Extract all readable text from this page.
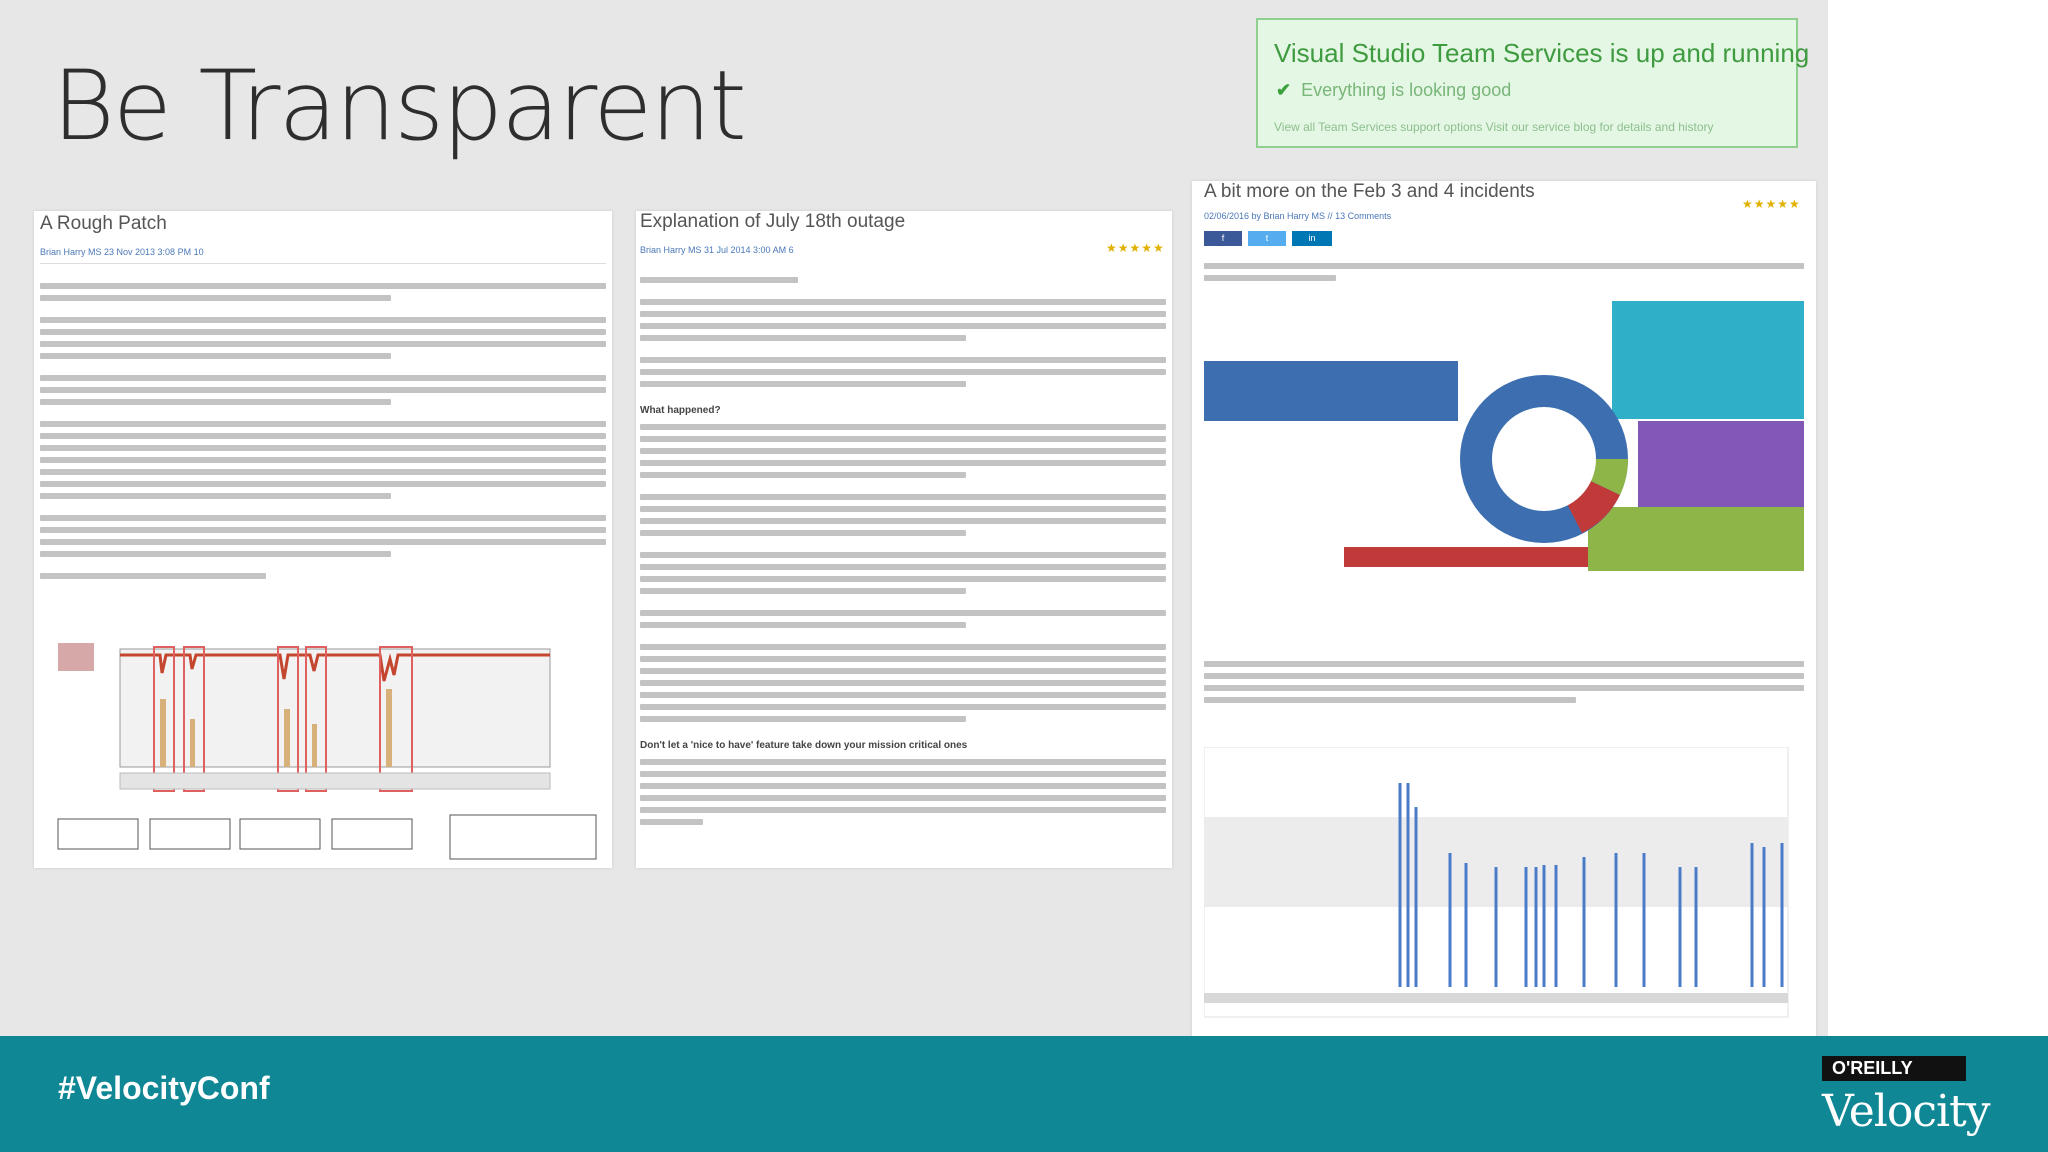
Be Transparent	Visual Studio Team Services is up and running
✔ Everything is looking good
View all Team Services support options Visit our service blog for details and history
A Rough Patch
Brian Harry MS 23 Nov 2013 3:08 PM 10
Explanation of July 18th outage
Brian Harry MS 31 Jul 2014 3:00 AM 6	★★★★★
What happened?
Don't let a 'nice to have' feature take down your mission critical ones
A bit more on the Feb 3 and 4 incidents
02/06/2016 by Brian Harry MS // 13 Comments
★★★★★
f	t	in
#VelocityConf
O'REILLY
Velocity
